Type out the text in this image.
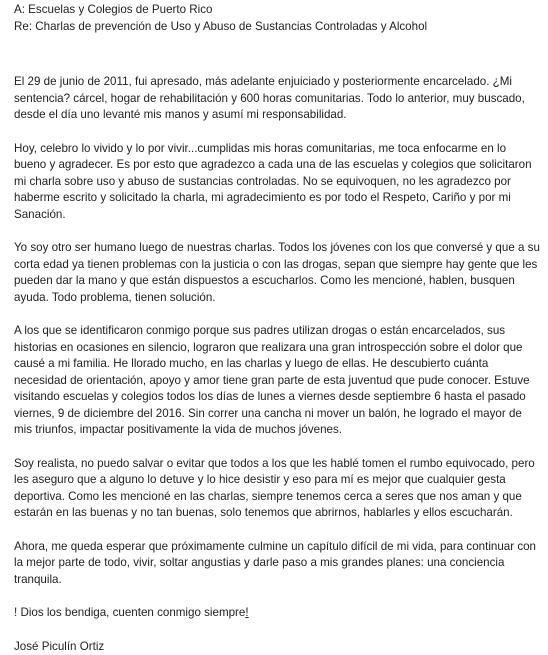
A: Escuelas y Colegios de Puerto Rico
Re: Charlas de prevención de Uso y Abuso de Sustancias Controladas y Alcohol

El 29 de junio de 2011, fui apresado, más adelante enjuiciado y posteriormente encarcelado. ¿Mi sentencia? cárcel, hogar de rehabilitación y 600 horas comunitarias. Todo lo anterior, muy buscado, desde el día uno levanté mis manos y asumí mi responsabilidad.

Hoy, celebro lo vivido y lo por vivir...cumplidas mis horas comunitarias, me toca enfocarme en lo bueno y agradecer. Es por esto que agradezco a cada una de las escuelas y colegios que solicitaron mi charla sobre uso y abuso de sustancias controladas. No se equivoquen, no les agradezco por haberme escrito y solicitado la charla, mi agradecimiento es por todo el Respeto, Cariño y por mi Sanación.

Yo soy otro ser humano luego de nuestras charlas. Todos los jóvenes con los que conversé y que a su corta edad ya tienen problemas con la justicia o con las drogas, sepan que siempre hay gente que les pueden dar la mano y que están dispuestos a escucharlos. Como les mencioné, hablen, busquen ayuda. Todo problema, tienen solución.

A los que se identificaron conmigo porque sus padres utilizan drogas o están encarcelados, sus historias en ocasiones en silencio, lograron que realizara una gran introspección sobre el dolor que causé a mi familia. He llorado mucho, en las charlas y luego de ellas. He descubierto cuánta necesidad de orientación, apoyo y amor tiene gran parte de esta juventud que pude conocer. Estuve visitando escuelas y colegios todos los días de lunes a viernes desde septiembre 6 hasta el pasado viernes, 9 de diciembre del 2016. Sin correr una cancha ni mover un balón, he logrado el mayor de mis triunfos, impactar positivamente la vida de muchos jóvenes.

Soy realista, no puedo salvar o evitar que todos a los que les hablé tomen el rumbo equivocado, pero les aseguro que a alguno lo detuve y lo hice desistir y eso para mí es mejor que cualquier gesta deportiva. Como les mencioné en las charlas, siempre tenemos cerca a seres que nos aman y que estarán en las buenas y no tan buenas, solo tenemos que abrirnos, hablarles y ellos escucharán.

Ahora, me queda esperar que próximamente culmine un capítulo difícil de mi vida, para continuar con la mejor parte de todo, vivir, soltar angustias y darle paso a mis grandes planes: una conciencia tranquila.

! Dios los bendiga, cuenten conmigo siempre!

José Piculín Ortiz
